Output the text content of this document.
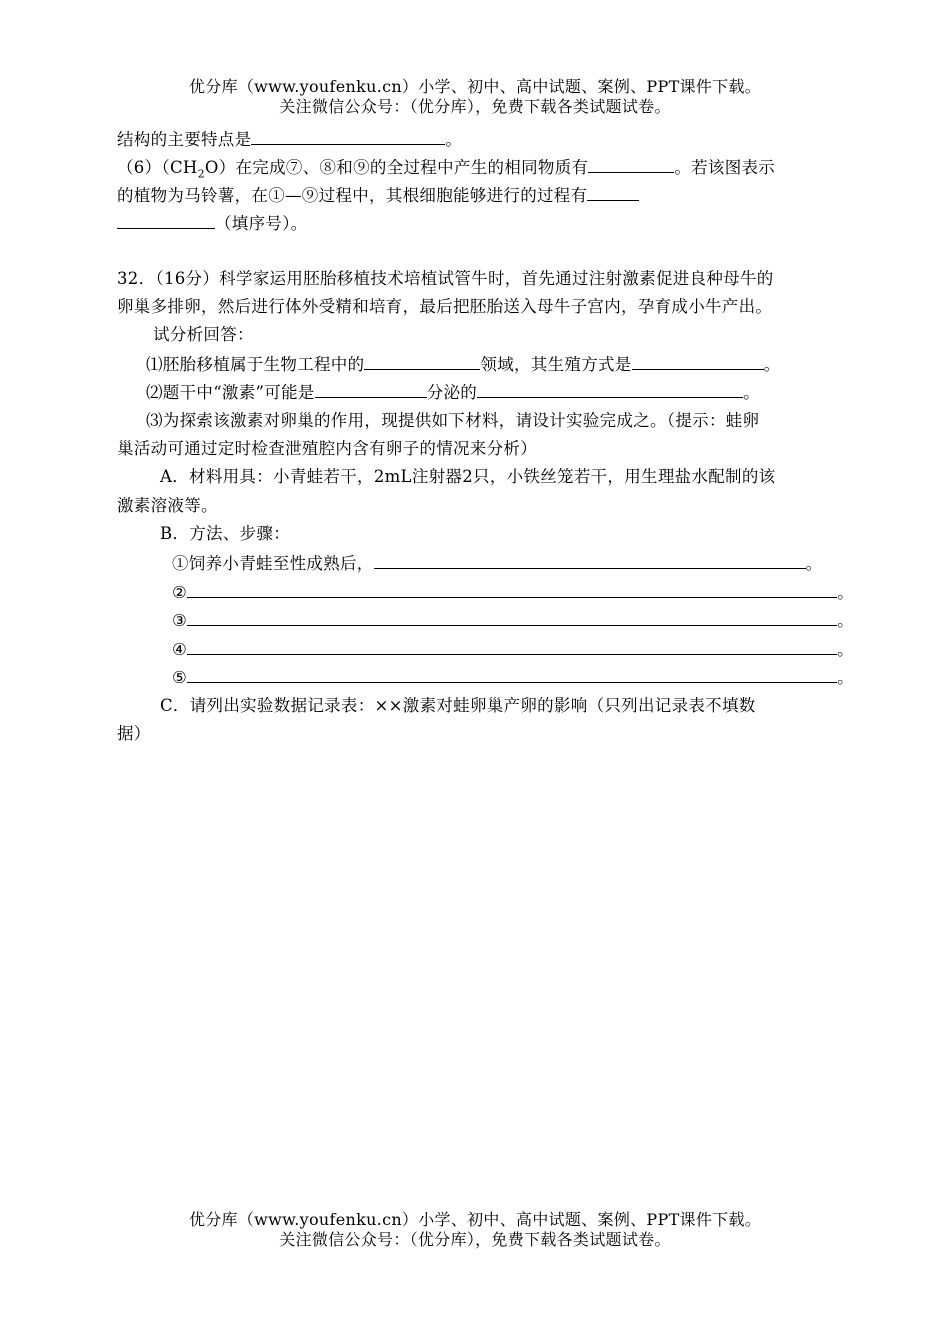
优分库（www.youfenku.cn）小学、初中、高中试题、案例、PPT课件下载。
关注微信公众号：（优分库），免费下载各类试题试卷。
结构的主要特点是	。
$(6)(CH_2O)$在完成⑦、⑧和⑨的全过程中产生的相同物质有	。若该图表示
的植物为马铃薯，在①—⑨过程中，其根细胞能够进行的过程有
（填序号）。
32．（16分）科学家运用胚胎移植技术培植试管牛时，首先通过注射激素促进良种母牛的
卵巢多排卵，然后进行体外受精和培育，最后把胚胎送入母牛子宫内，孕育成小牛产出。
试分析回答：
⑴胚胎移植属于生物工程中的	领域，其生殖方式是	。
⑵题干中“激素”可能是	分泌的	。
⑶为探索该激素对卵巢的作用，现提供如下材料，请设计实验完成之。（提示：蛙卵
巢活动可通过定时检查泄殖腔内含有卵子的情况来分析）
A．材料用具：小青蛙若干，2mL注射器2只，小铁丝笼若干，用生理盐水配制的该
激素溶液等。
B．方法、步骤：
①饲养小青蛙至性成熟后，	。
②	。
③	。
④	。
⑤	。
C．请列出实验数据记录表：××激素对蛙卵巢产卵的影响（只列出记录表不填数
据）
优分库（www.youfenku.cn）小学、初中、高中试题、案例、PPT课件下载。
关注微信公众号：（优分库），免费下载各类试题试卷。
